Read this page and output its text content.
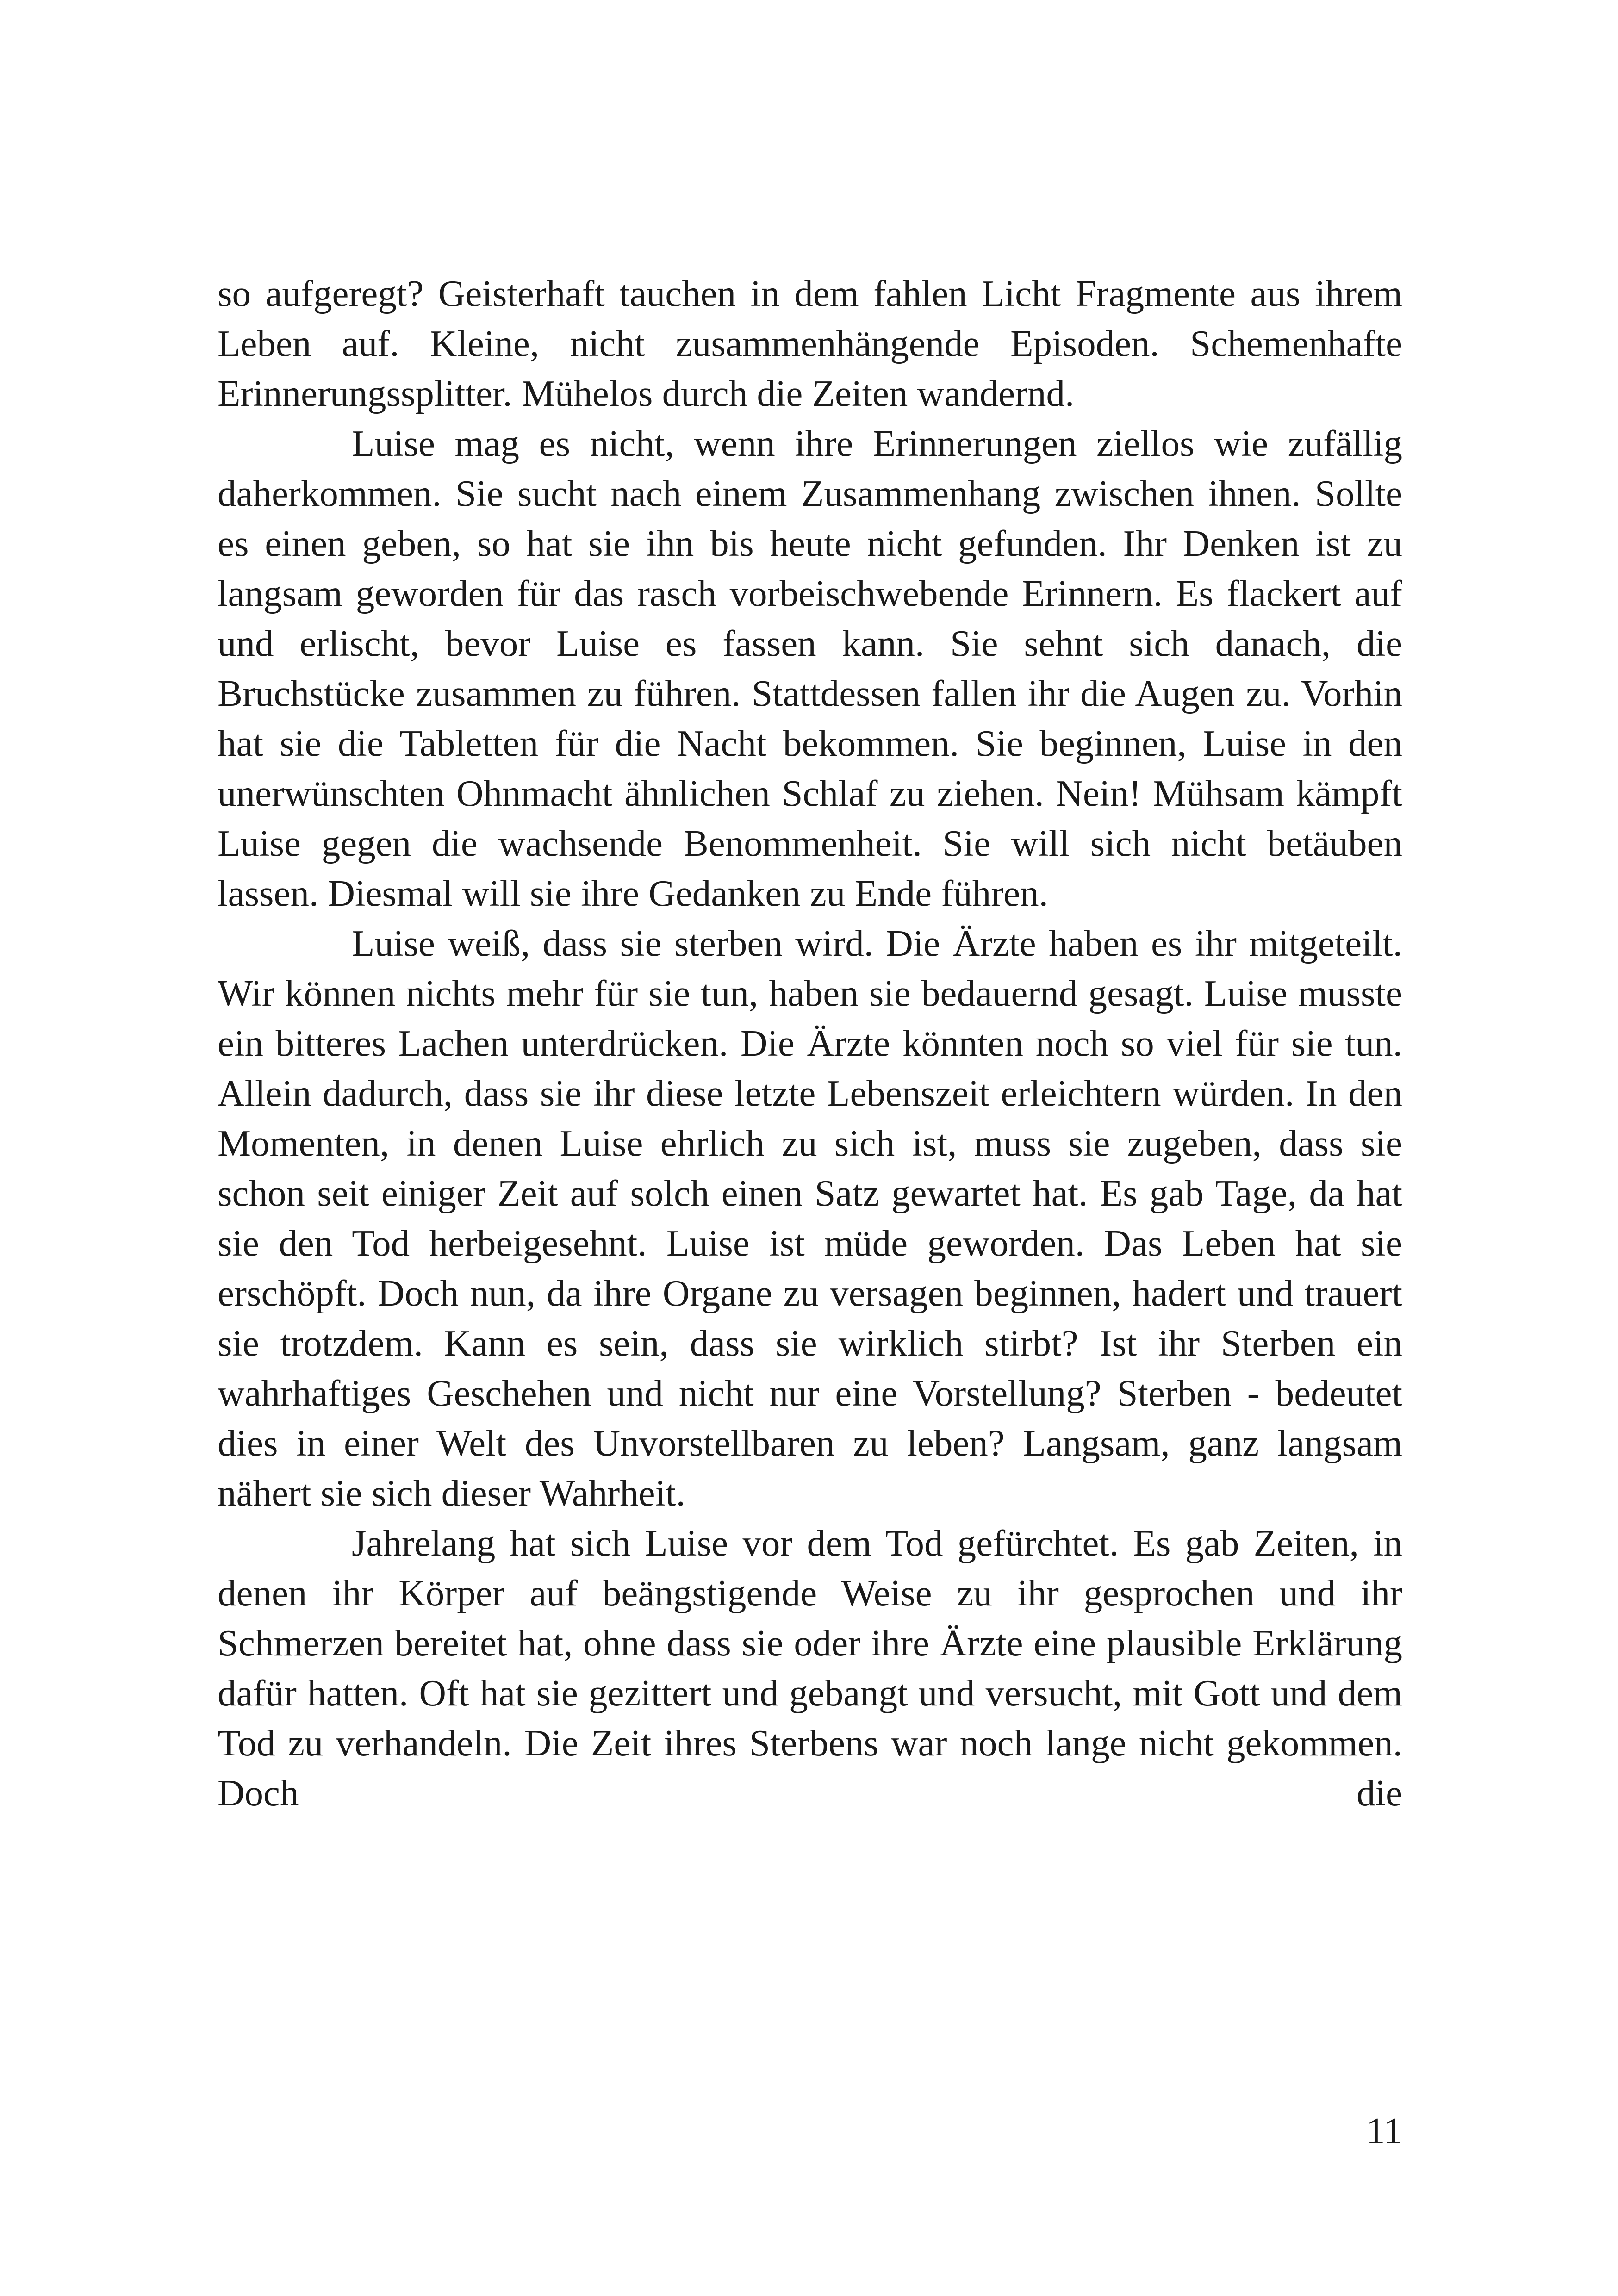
so aufgeregt? Geisterhaft tauchen in dem fahlen Licht Fragmente aus ihrem Leben auf. Kleine, nicht zusammenhängende Episoden. Schemenhafte Erinnerungssplitter. Mühelos durch die Zeiten wandernd.

Luise mag es nicht, wenn ihre Erinnerungen ziellos wie zufällig daherkommen. Sie sucht nach einem Zusammenhang zwischen ihnen. Sollte es einen geben, so hat sie ihn bis heute nicht gefunden. Ihr Denken ist zu langsam geworden für das rasch vorbeischwebende Erinnern. Es flackert auf und erlischt, bevor Luise es fassen kann. Sie sehnt sich danach, die Bruchstücke zusammen zu führen. Stattdessen fallen ihr die Augen zu. Vorhin hat sie die Tabletten für die Nacht bekommen. Sie beginnen, Luise in den unerwünschten Ohnmacht ähnlichen Schlaf zu ziehen. Nein! Mühsam kämpft Luise gegen die wachsende Benommenheit. Sie will sich nicht betäuben lassen. Diesmal will sie ihre Gedanken zu Ende führen.

Luise weiß, dass sie sterben wird. Die Ärzte haben es ihr mitgeteilt. Wir können nichts mehr für sie tun, haben sie bedauernd gesagt. Luise musste ein bitteres Lachen unterdrücken. Die Ärzte könnten noch so viel für sie tun. Allein dadurch, dass sie ihr diese letzte Lebenszeit erleichtern würden. In den Momenten, in denen Luise ehrlich zu sich ist, muss sie zugeben, dass sie schon seit einiger Zeit auf solch einen Satz gewartet hat. Es gab Tage, da hat sie den Tod herbeigesehnt. Luise ist müde geworden. Das Leben hat sie erschöpft. Doch nun, da ihre Organe zu versagen beginnen, hadert und trauert sie trotzdem. Kann es sein, dass sie wirklich stirbt? Ist ihr Sterben ein wahrhaftiges Geschehen und nicht nur eine Vorstellung? Sterben - bedeutet dies in einer Welt des Unvorstellbaren zu leben? Langsam, ganz langsam nähert sie sich dieser Wahrheit.

Jahrelang hat sich Luise vor dem Tod gefürchtet. Es gab Zeiten, in denen ihr Körper auf beängstigende Weise zu ihr gesprochen und ihr Schmerzen bereitet hat, ohne dass sie oder ihre Ärzte eine plausible Erklärung dafür hatten. Oft hat sie gezittert und gebangt und versucht, mit Gott und dem Tod zu verhandeln. Die Zeit ihres Sterbens war noch lange nicht gekommen. Doch die

11
